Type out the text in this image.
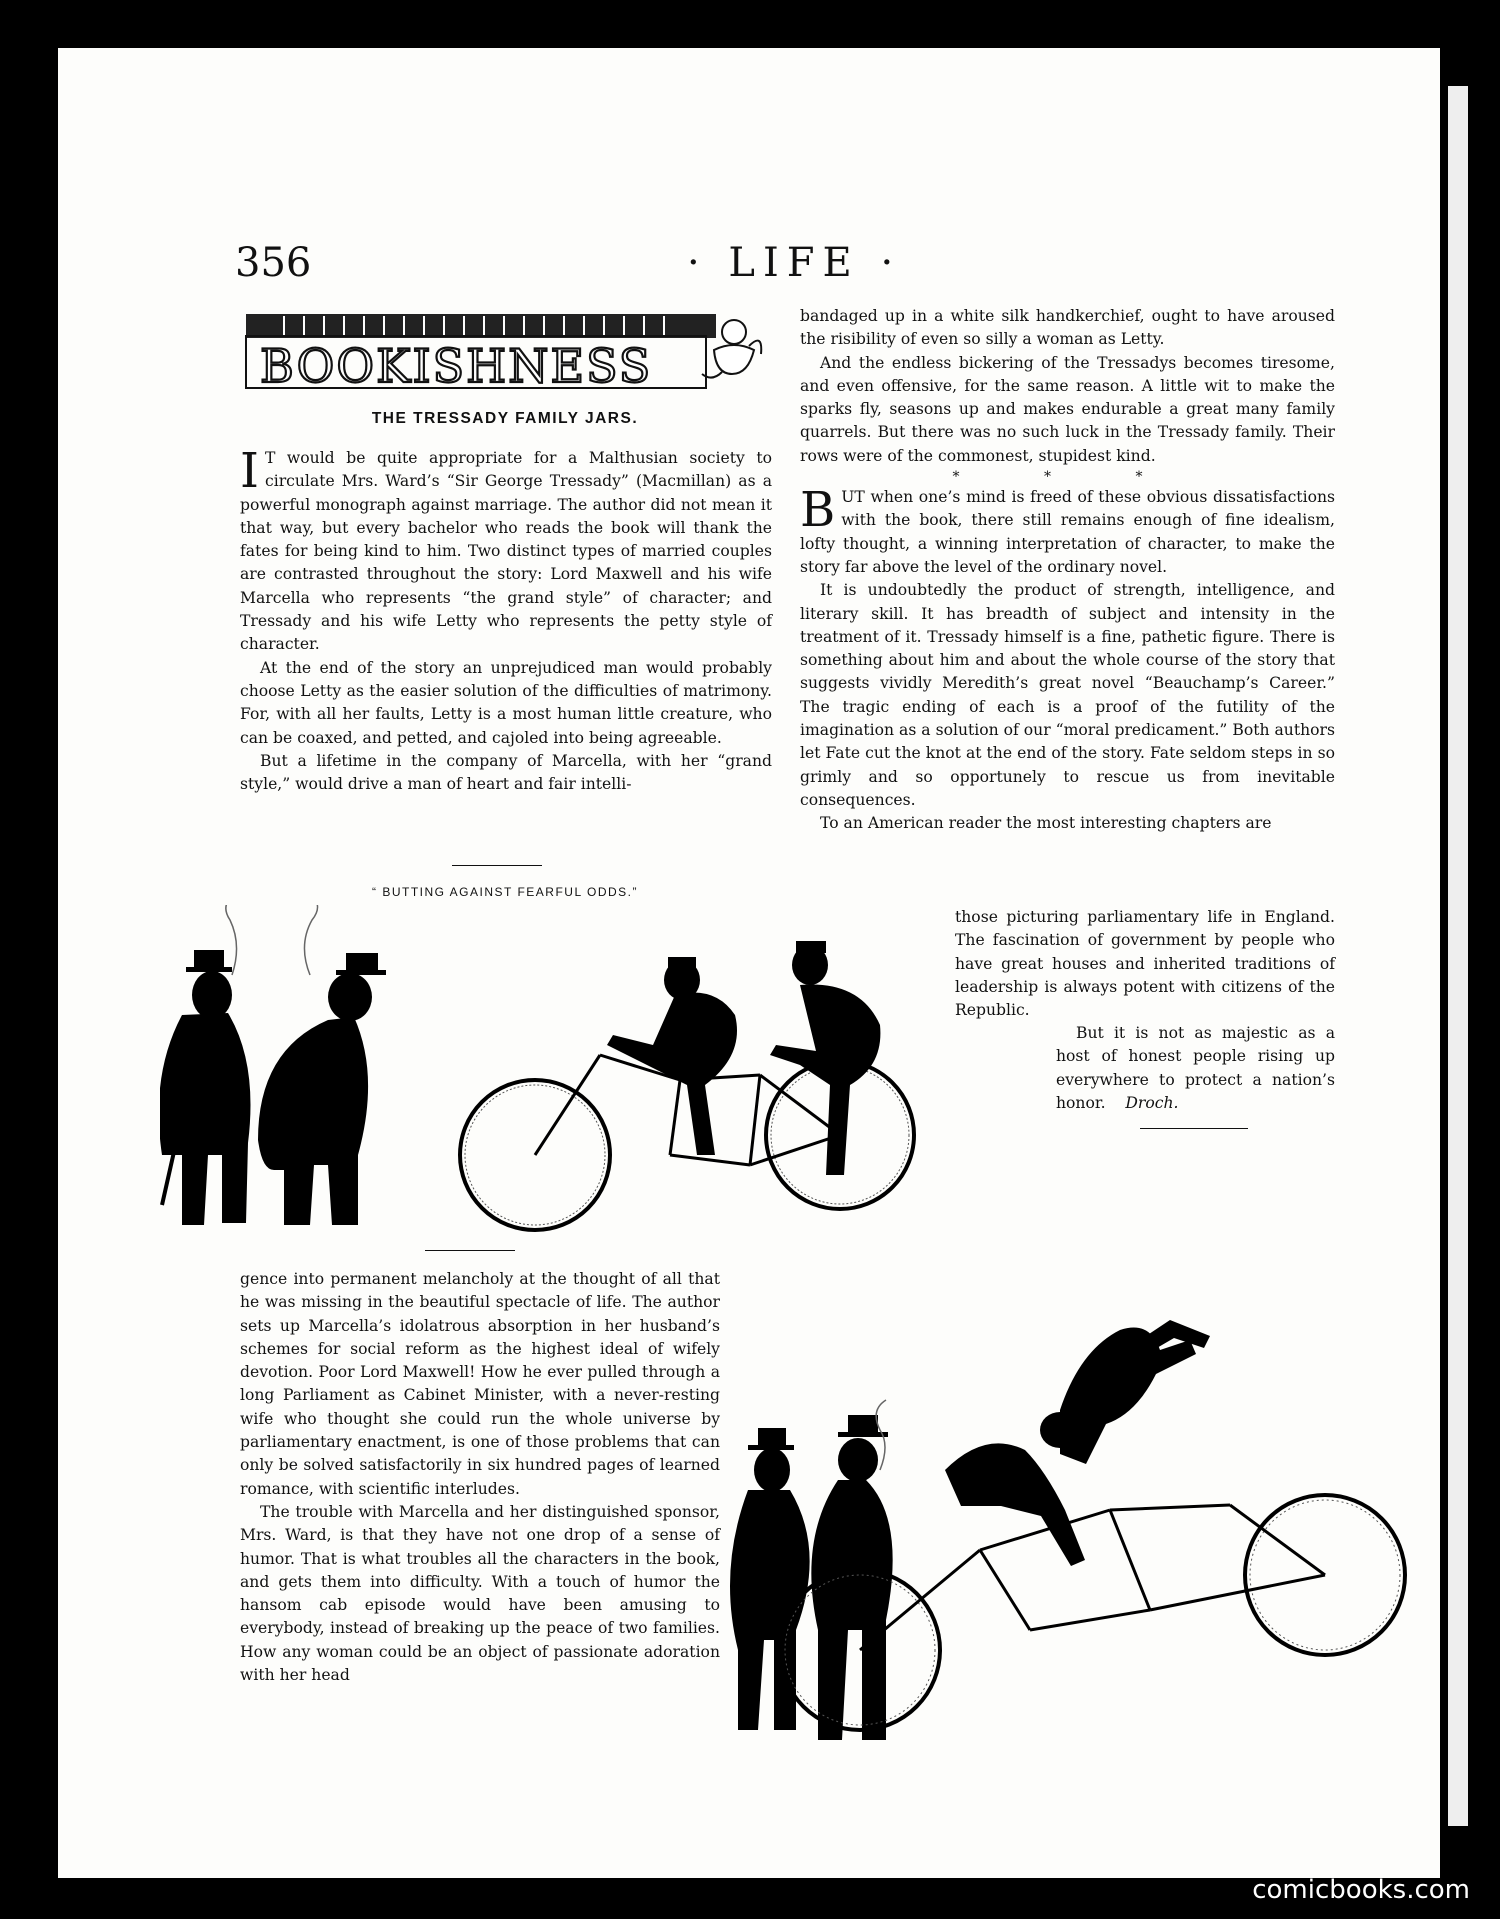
356	· LIFE ·
BOOKISHNESS
THE TRESSADY FAMILY JARS.

I T would be quite appropriate for a Malthusian society to circulate Mrs. Ward’s “Sir George Tressady” (Macmillan) as a powerful monograph against marriage. The author did not mean it that way, but every bachelor who reads the book will thank the fates for being kind to him. Two distinct types of married couples are contrasted throughout the story: Lord Maxwell and his wife Marcella who represents “the grand style” of character; and Tressady and his wife Letty who represents the petty style of character.

At the end of the story an unprejudiced man would probably choose Letty as the easier solution of the difficulties of matrimony. For, with all her faults, Letty is a most human little creature, who can be coaxed, and petted, and cajoled into being agreeable.

But a lifetime in the company of Marcella, with her “grand style,” would drive a man of heart and fair intelli-

“ BUTTING AGAINST FEARFUL ODDS.”

bandaged up in a white silk handkerchief, ought to have aroused the risibility of even so silly a woman as Letty.

And the endless bickering of the Tressadys becomes tiresome, and even offensive, for the same reason. A little wit to make the sparks fly, seasons up and makes endurable a great many family quarrels. But there was no such luck in the Tressady family. Their rows were of the commonest, stupidest kind.

* * *

BUT when one’s mind is freed of these obvious dissatisfactions with the book, there still remains enough of fine idealism, lofty thought, a winning interpretation of character, to make the story far above the level of the ordinary novel.

It is undoubtedly the product of strength, intelligence, and literary skill. It has breadth of subject and intensity in the treatment of it. Tressady himself is a fine, pathetic figure. There is something about him and about the whole course of the story that suggests vividly Meredith’s great novel “Beauchamp’s Career.” The tragic ending of each is a proof of the futility of the imagination as a solution of our “moral predicament.” Both authors let Fate cut the knot at the end of the story. Fate seldom steps in so grimly and so opportunely to rescue us from inevitable consequences.

To an American reader the most interesting chapters are

those picturing parliamentary life in England. The fascination of government by people who have great houses and inherited traditions of leadership is always potent with citizens of the Republic.

But it is not as majestic as a host of honest people rising up everywhere to protect a nation’s honor. Droch.

gence into permanent melancholy at the thought of all that he was missing in the beautiful spectacle of life. The author sets up Marcella’s idolatrous absorption in her husband’s schemes for social reform as the highest ideal of wifely devotion. Poor Lord Maxwell! How he ever pulled through a long Parliament as Cabinet Minister, with a never-resting wife who thought she could run the whole universe by parliamentary enactment, is one of those problems that can only be solved satisfactorily in six hundred pages of learned romance, with scientific interludes.

The trouble with Marcella and her distinguished sponsor, Mrs. Ward, is that they have not one drop of a sense of humor. That is what troubles all the characters in the book, and gets them into difficulty. With a touch of humor the hansom cab episode would have been amusing to everybody, instead of breaking up the peace of two families. How any woman could be an object of passionate adoration with her head

comicbooks.com
